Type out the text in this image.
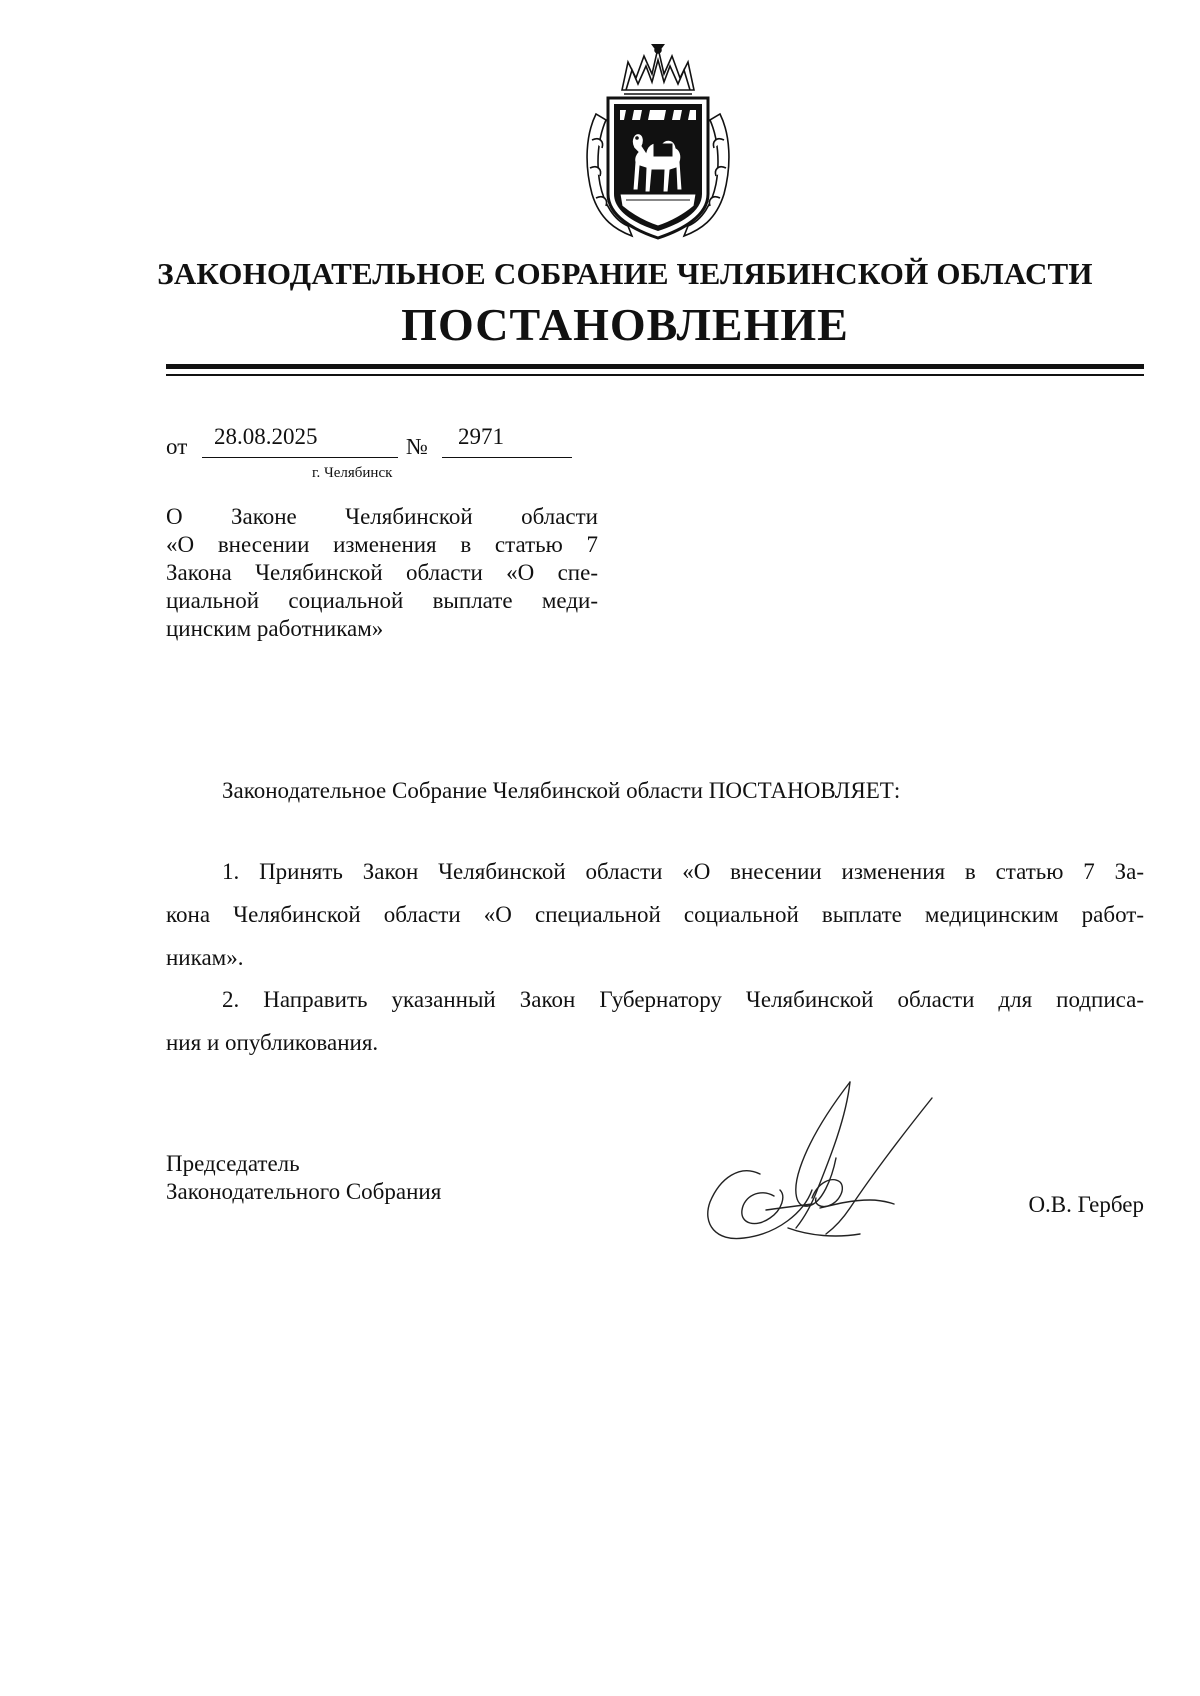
ЗАКОНОДАТЕЛЬНОЕ СОБРАНИЕ ЧЕЛЯБИНСКОЙ ОБЛАСТИ
ПОСТАНОВЛЕНИЕ
от	28.08.2025	№	2971
г. Челябинск
О Законе Челябинской области
«О внесении изменения в статью 7
Закона Челябинской области «О спе-
циальной социальной выплате меди-
цинским работникам»
Законодательное Собрание Челябинской области ПОСТАНОВЛЯЕТ:
1. Принять Закон Челябинской области «О внесении изменения в статью 7 За-
кона Челябинской области «О специальной социальной выплате медицинским работ-
никам».
2. Направить указанный Закон Губернатору Челябинской области для подписа-
ния и опубликования.
Председатель
Законодательного Собрания
О.В. Гербер
